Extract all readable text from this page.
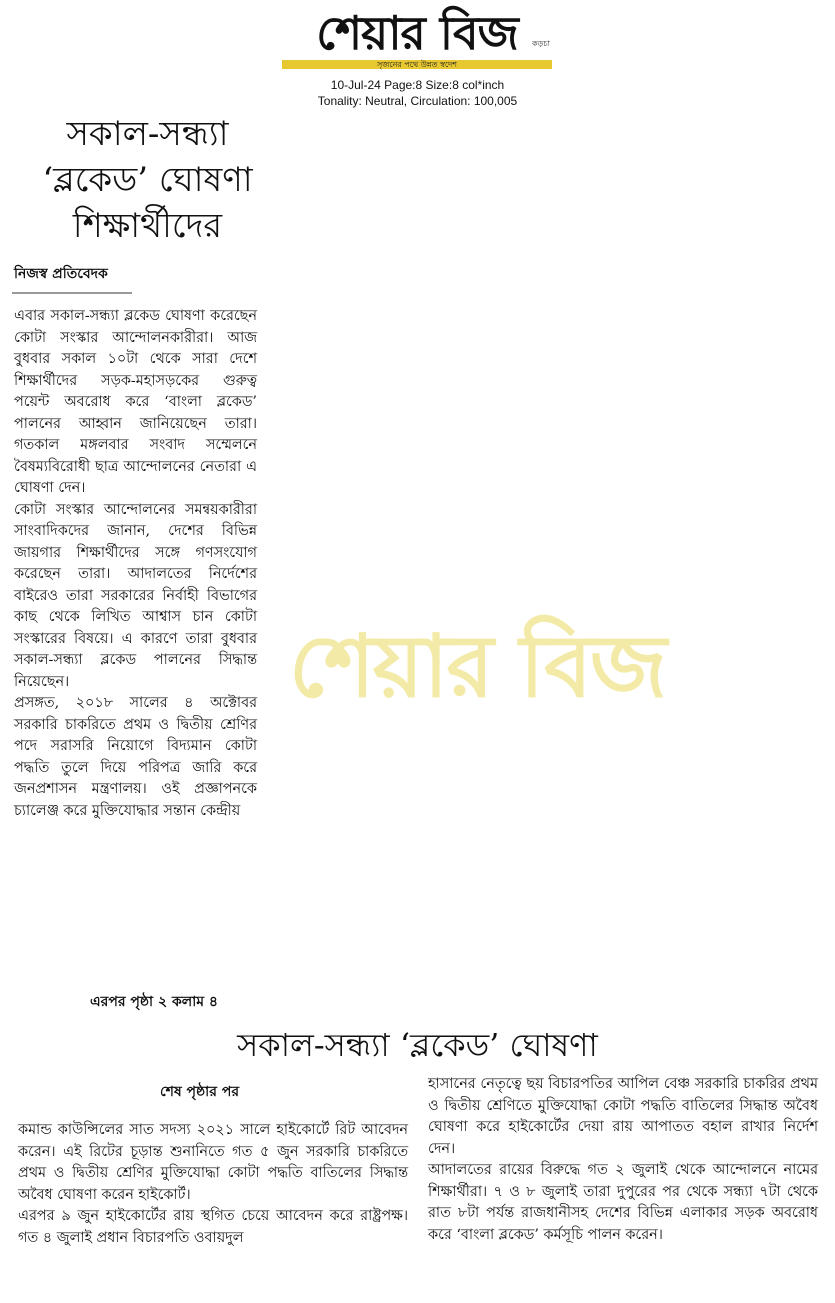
শেয়ার বিজ	কড়চা
সৃজনের পথে উন্নত স্বদেশ
10-Jul-24 Page:8 Size:8 col*inch
Tonality: Neutral, Circulation: 100,005
সকাল-সন্ধ্যা
‘ব্লকেড’ ঘোষণা
শিক্ষার্থীদের
নিজস্ব প্রতিবেদক

এবার সকাল-সন্ধ্যা ব্লকেড ঘোষণা করেছেন কোটা সংস্কার আন্দোলনকারীরা। আজ বুধবার সকাল ১০টা থেকে সারা দেশে শিক্ষার্থীদের সড়ক-মহাসড়কের গুরুত্ব পয়েন্ট অবরোধ করে ‘বাংলা ব্লকেড’ পালনের আহ্বান জানিয়েছেন তারা। গতকাল মঙ্গলবার সংবাদ সম্মেলনে বৈষম্যবিরোধী ছাত্র আন্দোলনের নেতারা এ ঘোষণা দেন।

কোটা সংস্কার আন্দোলনের সমন্বয়কারীরা সাংবাদিকদের জানান, দেশের বিভিন্ন জায়গার শিক্ষার্থীদের সঙ্গে গণসংযোগ করেছেন তারা। আদালতের নির্দেশের বাইরেও তারা সরকারের নির্বাহী বিভাগের কাছ থেকে লিখিত আশ্বাস চান কোটা সংস্কারের বিষয়ে। এ কারণে তারা বুধবার সকাল-সন্ধ্যা ব্লকেড পালনের সিদ্ধান্ত নিয়েছেন।

প্রসঙ্গত, ২০১৮ সালের ৪ অক্টোবর সরকারি চাকরিতে প্রথম ও দ্বিতীয় শ্রেণির পদে সরাসরি নিয়োগে বিদ্যমান কোটা পদ্ধতি তুলে দিয়ে পরিপত্র জারি করে জনপ্রশাসন মন্ত্রণালয়। ওই প্রজ্ঞাপনকে চ্যালেঞ্জ করে মুক্তিযোদ্ধার সন্তান কেন্দ্রীয়

এরপর পৃষ্ঠা ২ কলাম ৪
সকাল-সন্ধ্যা ‘ব্লকেড’ ঘোষণা
শেষ পৃষ্ঠার পর

কমান্ড কাউন্সিলের সাত সদস্য ২০২১ সালে হাইকোর্টে রিট আবেদন করেন। এই রিটের চূড়ান্ত শুনানিতে গত ৫ জুন সরকারি চাকরিতে প্রথম ও দ্বিতীয় শ্রেণির মুক্তিযোদ্ধা কোটা পদ্ধতি বাতিলের সিদ্ধান্ত অবৈধ ঘোষণা করেন হাইকোর্ট।

এরপর ৯ জুন হাইকোর্টের রায় স্থগিত চেয়ে আবেদন করে রাষ্ট্রপক্ষ। গত ৪ জুলাই প্রধান বিচারপতি ওবায়দুল

হাসানের নেতৃত্বে ছয় বিচারপতির আপিল বেঞ্চ সরকারি চাকরির প্রথম ও দ্বিতীয় শ্রেণিতে মুক্তিযোদ্ধা কোটা পদ্ধতি বাতিলের সিদ্ধান্ত অবৈধ ঘোষণা করে হাইকোর্টের দেয়া রায় আপাতত বহাল রাখার নির্দেশ দেন।

আদালতের রায়ের বিরুদ্ধে গত ২ জুলাই থেকে আন্দোলনে নামের শিক্ষার্থীরা। ৭ ও ৮ জুলাই তারা দুপুরের পর থেকে সন্ধ্যা ৭টা থেকে রাত ৮টা পর্যন্ত রাজধানীসহ দেশের বিভিন্ন এলাকার সড়ক অবরোধ করে ‘বাংলা ব্লকেড’ কর্মসূচি পালন করেন।

শেয়ার বিজ
